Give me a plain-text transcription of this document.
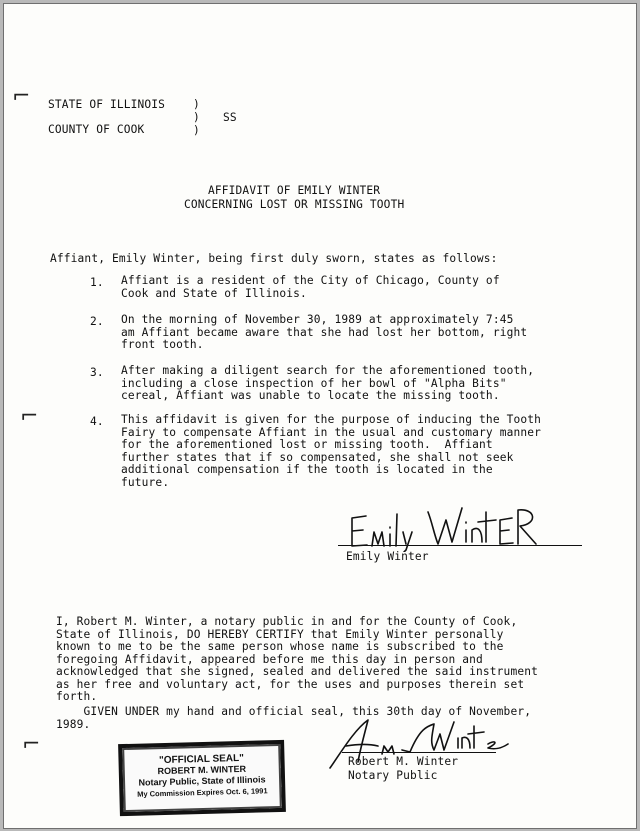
⌐
⌐
⌐
STATE OF ILLINOIS
COUNTY OF COOK
)
)
)
SS
AFFIDAVIT OF EMILY WINTER
CONCERNING LOST OR MISSING TOOTH
Affiant, Emily Winter, being first duly sworn, states as follows:
1. Affiant is a resident of the City of Chicago, County of
Cook and State of Illinois.
2. On the morning of November 30, 1989 at approximately 7:45
am Affiant became aware that she had lost her bottom, right
front tooth.
3. After making a diligent search for the aforementioned tooth,
including a close inspection of her bowl of "Alpha Bits"
cereal, Affiant was unable to locate the missing tooth.
4. This affidavit is given for the purpose of inducing the Tooth
Fairy to compensate Affiant in the usual and customary manner
for the aforementioned lost or missing tooth.  Affiant
further states that if so compensated, she shall not seek
additional compensation if the tooth is located in the
future.
Emily Winter
I, Robert M. Winter, a notary public in and for the County of Cook,
State of Illinois, DO HEREBY CERTIFY that Emily Winter personally
known to me to be the same person whose name is subscribed to the
foregoing Affidavit, appeared before me this day in person and
acknowledged that she signed, sealed and delivered the said instrument
as her free and voluntary act, for the uses and purposes therein set
forth.
GIVEN UNDER my hand and official seal, this 30th day of November,
1989.
Robert M. Winter
Notary Public
"OFFICIAL SEAL"
ROBERT M. WINTER
Notary Public, State of Illinois
My Commission Expires Oct. 6, 1991
